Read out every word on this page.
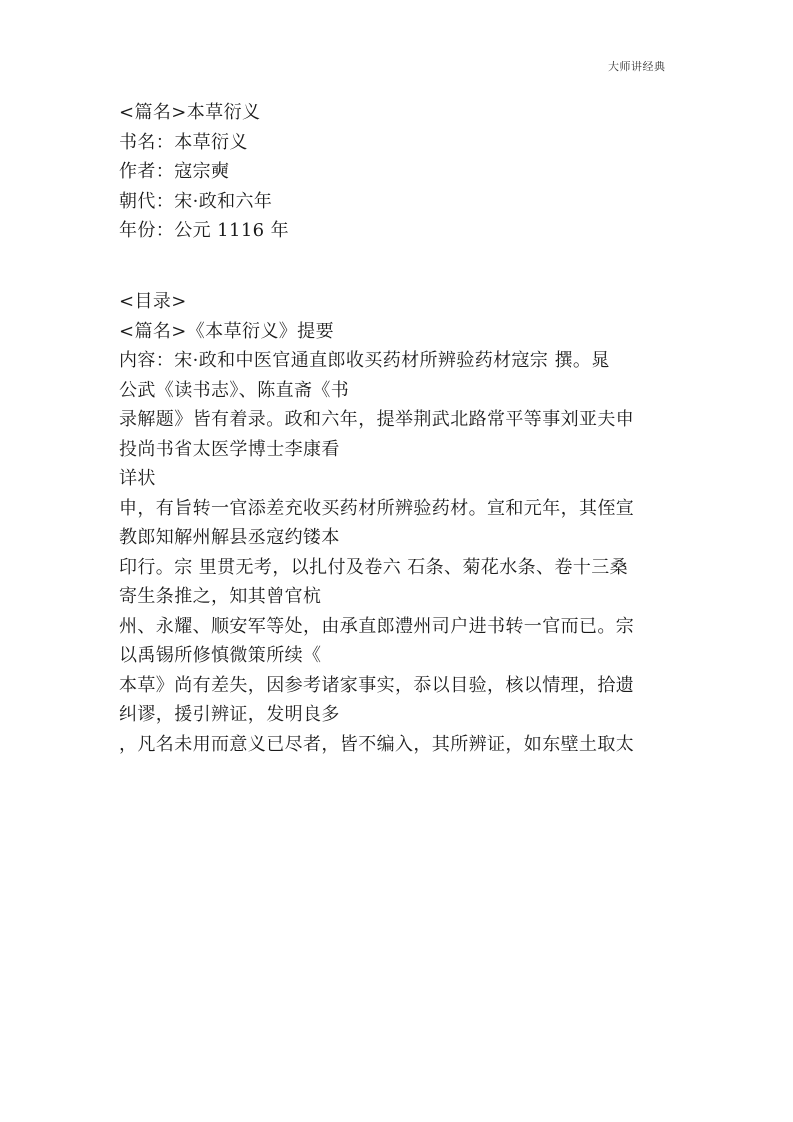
大师讲经典
<篇名>本草衍义
书名：本草衍义
作者：寇宗奭
朝代：宋·政和六年
年份：公元 1116 年
<目录>
<篇名>《本草衍义》提要
内容：宋·政和中医官通直郎收买药材所辨验药材寇宗 撰。晁
公武《读书志》、陈直斋《书
录解题》皆有着录。政和六年，提举荆武北路常平等事刘亚夫申
投尚书省太医学博士李康看
详状
申，有旨转一官添差充收买药材所辨验药材。宣和元年，其侄宣
教郎知解州解县丞寇约镂本
印行。宗 里贯无考，以扎付及卷六 石条、菊花水条、卷十三桑
寄生条推之，知其曾官杭
州、永耀、顺安军等处，由承直郎澧州司户进书转一官而已。宗
以禹锡所修慎微策所续《
本草》尚有差失，因参考诸家事实，忝以目验，核以情理，拾遗
纠谬，援引辨证，发明良多
，凡名未用而意义已尽者，皆不编入，其所辨证，如东壁土取太
